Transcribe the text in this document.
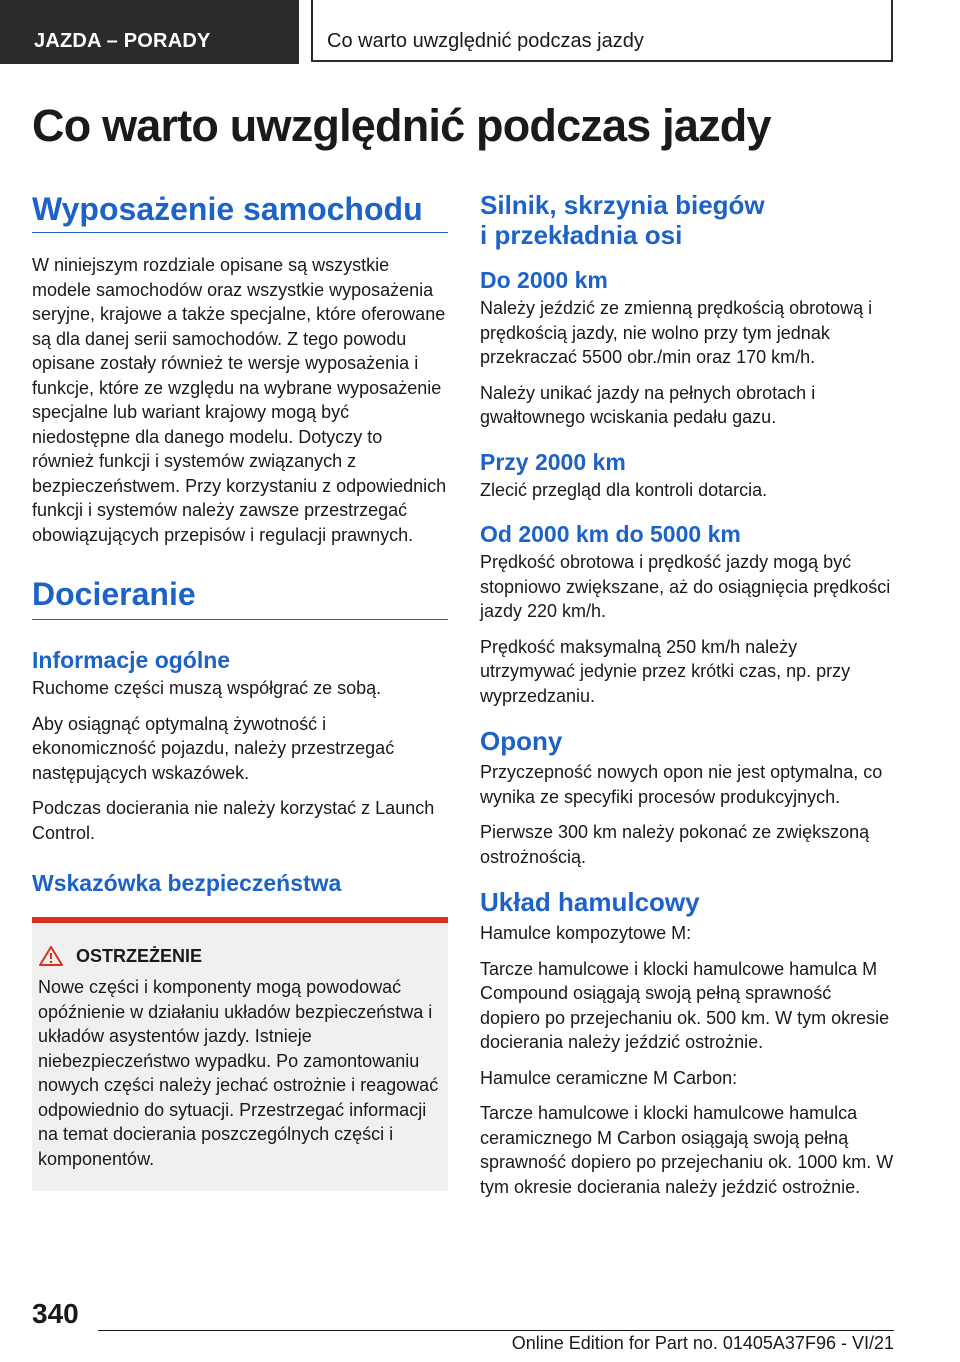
JAZDA – PORADY	Co warto uwzględnić podczas jazdy
Co warto uwzględnić podczas jazdy
Wyposażenie samochodu

W niniejszym rozdziale opisane są wszystkie modele samochodów oraz wszystkie wyposażenia seryjne, krajowe a także specjalne, które oferowane są dla danej serii samochodów. Z tego powodu opisane zostały również te wersje wyposażenia i funkcje, które ze względu na wybrane wyposażenie specjalne lub wariant krajowy mogą być niedostępne dla danego modelu. Dotyczy to również funkcji i systemów związanych z bezpieczeństwem. Przy korzystaniu z odpowiednich funkcji i systemów należy zawsze przestrzegać obowiązujących przepisów i regulacji prawnych.

Docieranie
Informacje ogólne

Ruchome części muszą współgrać ze sobą.

Aby osiągnąć optymalną żywotność i ekonomiczność pojazdu, należy przestrzegać następujących wskazówek.

Podczas docierania nie należy korzystać z Launch Control.

Wskazówka bezpieczeństwa
OSTRZEŻENIE

Nowe części i komponenty mogą powodować opóźnienie w działaniu układów bezpieczeństwa i układów asystentów jazdy. Istnieje niebezpieczeństwo wypadku. Po zamontowaniu nowych części należy jechać ostrożnie i reagować odpowiednio do sytuacji. Przestrzegać informacji na temat docierania poszczególnych części i komponentów.

Silnik, skrzynia biegów
i przekładnia osi
Do 2000 km

Należy jeździć ze zmienną prędkością obrotową i prędkością jazdy, nie wolno przy tym jednak przekraczać 5500 obr./min oraz 170 km/h.

Należy unikać jazdy na pełnych obrotach i gwałtownego wciskania pedału gazu.

Przy 2000 km

Zlecić przegląd dla kontroli dotarcia.

Od 2000 km do 5000 km

Prędkość obrotowa i prędkość jazdy mogą być stopniowo zwiększane, aż do osiągnięcia prędkości jazdy 220 km/h.

Prędkość maksymalną 250 km/h należy utrzymywać jedynie przez krótki czas, np. przy wyprzedzaniu.

Opony

Przyczepność nowych opon nie jest optymalna, co wynika ze specyfiki procesów produkcyjnych.

Pierwsze 300 km należy pokonać ze zwiększoną ostrożnością.

Układ hamulcowy

Hamulce kompozytowe M:

Tarcze hamulcowe i klocki hamulcowe hamulca M Compound osiągają swoją pełną sprawność dopiero po przejechaniu ok. 500 km. W tym okresie docierania należy jeździć ostrożnie.

Hamulce ceramiczne M Carbon:

Tarcze hamulcowe i klocki hamulcowe hamulca ceramicznego M Carbon osiągają swoją pełną sprawność dopiero po przejechaniu ok. 1000 km. W tym okresie docierania należy jeździć ostrożnie.

340
Online Edition for Part no. 01405A37F96 - VI/21
